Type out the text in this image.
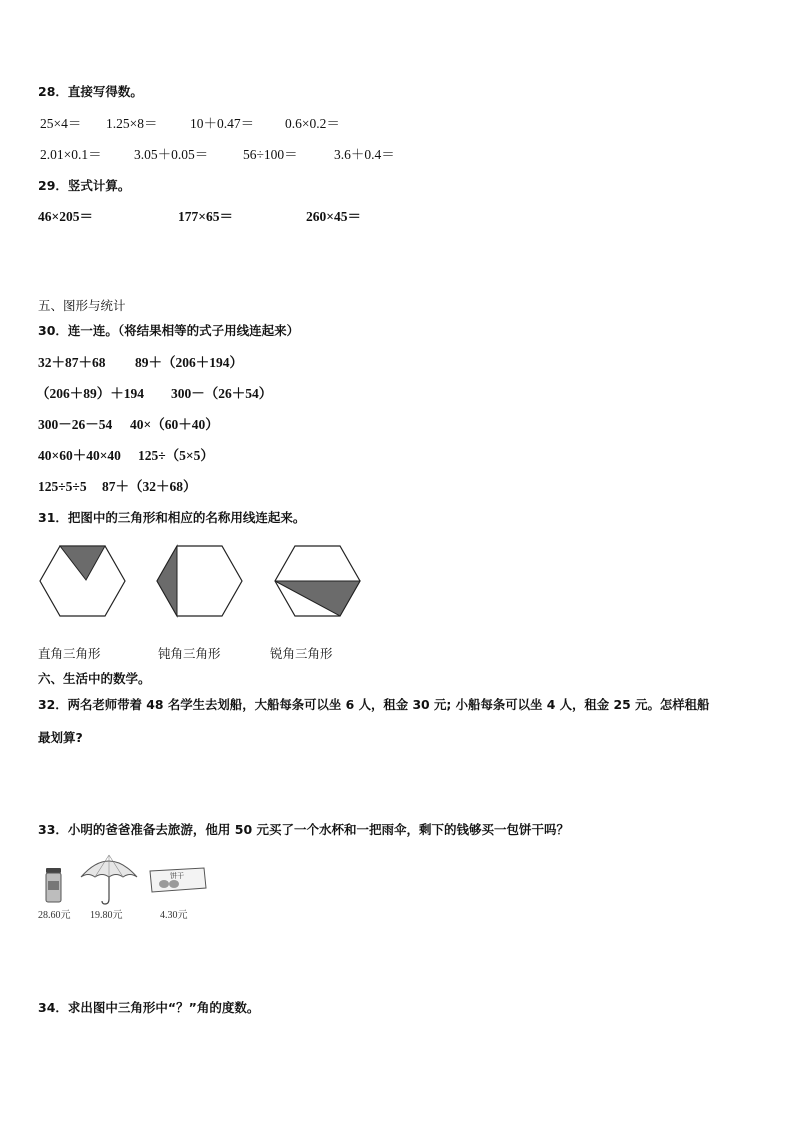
28．直接写得数。
25×4＝ 1.25×8＝ 10＋0.47＝ 0.6×0.2＝
2.01×0.1＝ 3.05＋0.05＝	56÷100＝	3.6＋0.4＝
29．竖式计算。
46×205＝	177×65＝	260×45＝
五、图形与统计
30．连一连。（将结果相等的式子用线连起来）
32＋87＋68 89＋（206＋194）
（206＋89）＋194 300－（26＋54）
300－26－54 40×（60＋40）
40×60＋40×40 125÷（5×5）
125÷5÷5 87＋（32＋68）
31．把图中的三角形和相应的名称用线连起来。
直角三角形	钝角三角形	锐角三角形
六、生活中的数学。
32．两名老师带着 48 名学生去划船，大船每条可以坐 6 人，租金 30 元; 小船每条可以坐 4 人，租金 25 元。怎样租船
最划算?
33．小明的爸爸准备去旅游，他用 50 元买了一个水杯和一把雨伞，剩下的钱够买一包饼干吗？
饼干
28.60元 19.80元	4.30元
34．求出图中三角形中“？”角的度数。
